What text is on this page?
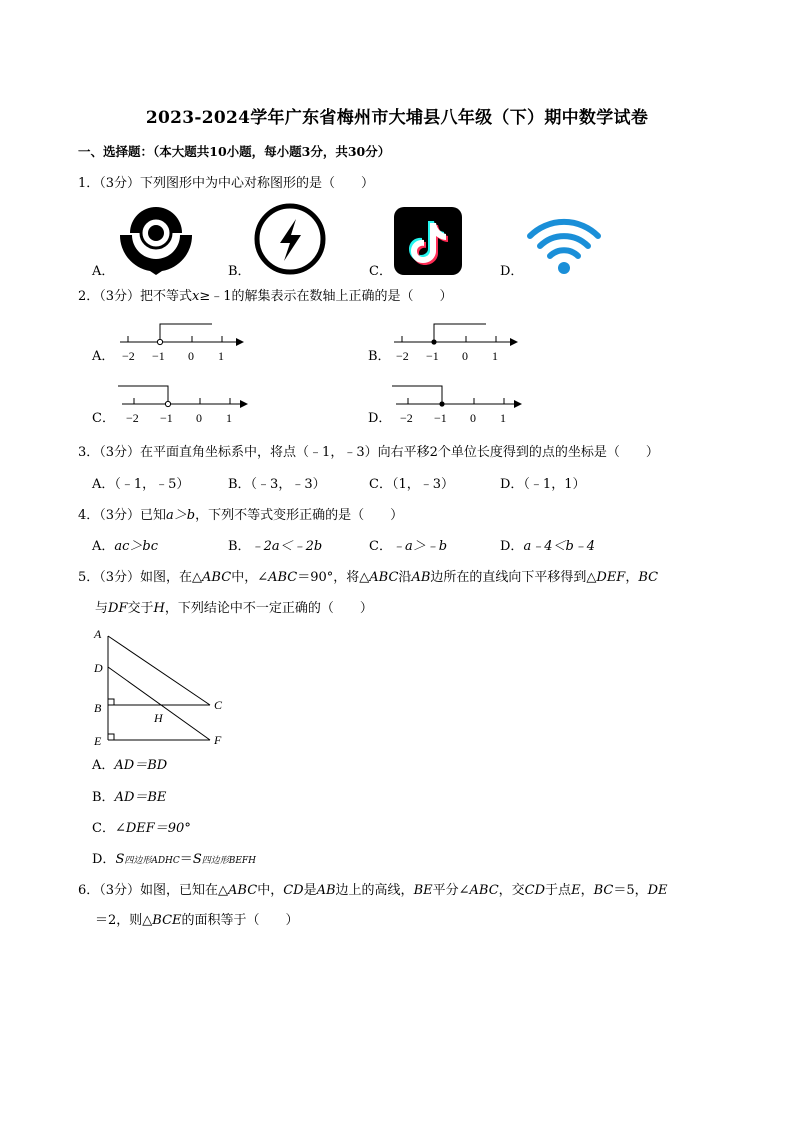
2023-2024学年广东省梅州市大埔县八年级（下）期中数学试卷
一、选择题：（本大题共10小题，每小题3分，共30分）
1．（3分）下列图形中为中心对称图形的是（　　）
A．	B．	C．	D．
2．（3分）把不等式x≥﹣1的解集表示在数轴上正确的是（　　）
−2 −1 0 1	−2 −1 0 1
A．	B．
−2 −1 0 1	−2 −1 0 1
C．	D．
3．（3分）在平面直角坐标系中，将点（﹣1，﹣3）向右平移2个单位长度得到的点的坐标是（　　）
A．（﹣1，﹣5）	B．（﹣3，﹣3）	C．（1，﹣3）	D．（﹣1，1）
4．（3分）已知a＞b，下列不等式变形正确的是（　　）
A．ac＞bc	B．﹣2a＜﹣2b	C．﹣a＞﹣b	D．a﹣4＜b﹣4
5．（3分）如图，在△ABC中，∠ABC＝90°，将△ABC沿AB边所在的直线向下平移得到△DEF，BC
与DF交于H，下列结论中不一定正确的（　　）
A
D
B
E
C
H
F
A．AD＝BD
B．AD＝BE
C．∠DEF＝90°
D．S四边形ADHC＝S四边形BEFH
6．（3分）如图，已知在△ABC中，CD是AB边上的高线，BE平分∠ABC，交CD于点E，BC＝5，DE
＝2，则△BCE的面积等于（　　）
